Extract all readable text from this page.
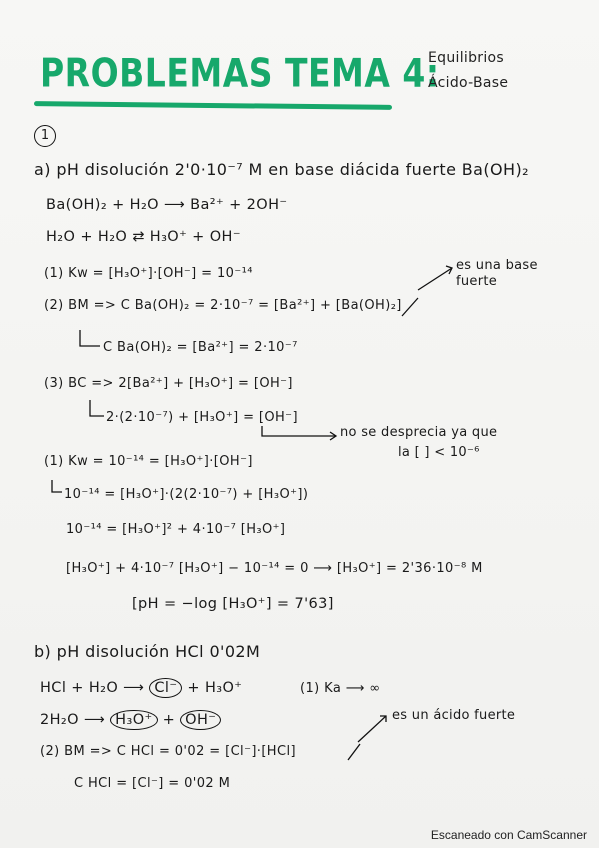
PROBLEMAS TEMA 4:
Equilibrios
Ácido-Base
1
a) pH disolución 2'0·10⁻⁷ M en base diácida fuerte Ba(OH)₂
Ba(OH)₂ + H₂O ⟶ Ba²⁺ + 2OH⁻
H₂O + H₂O ⇄ H₃O⁺ + OH⁻
(1) Kw = [H₃O⁺]·[OH⁻] = 10⁻¹⁴
es una base fuerte
(2) BM => C Ba(OH)₂ = 2·10⁻⁷ = [Ba²⁺] + [Ba(OH)₂]
C Ba(OH)₂ = [Ba²⁺] = 2·10⁻⁷
(3) BC => 2[Ba²⁺] + [H₃O⁺] = [OH⁻]
2·(2·10⁻⁷) + [H₃O⁺] = [OH⁻]
no se desprecia ya que
la [ ] < 10⁻⁶
(1) Kw = 10⁻¹⁴ = [H₃O⁺]·[OH⁻]
10⁻¹⁴ = [H₃O⁺]·(2(2·10⁻⁷) + [H₃O⁺])
10⁻¹⁴ = [H₃O⁺]² + 4·10⁻⁷ [H₃O⁺]
[H₃O⁺] + 4·10⁻⁷ [H₃O⁺] − 10⁻¹⁴ = 0 ⟶ [H₃O⁺] = 2'36·10⁻⁸ M
[pH = −log [H₃O⁺] = 7'63]
b) pH disolución HCl 0'02M
HCl + H₂O ⟶ Cl⁻ + H₃O⁺	(1) Ka ⟶ ∞
2H₂O ⟶ H₃O⁺ + OH⁻	es un ácido fuerte
(2) BM => C HCl = 0'02 = [Cl⁻]·[HCl]
C HCl = [Cl⁻] = 0'02 M
Escaneado con CamScanner
